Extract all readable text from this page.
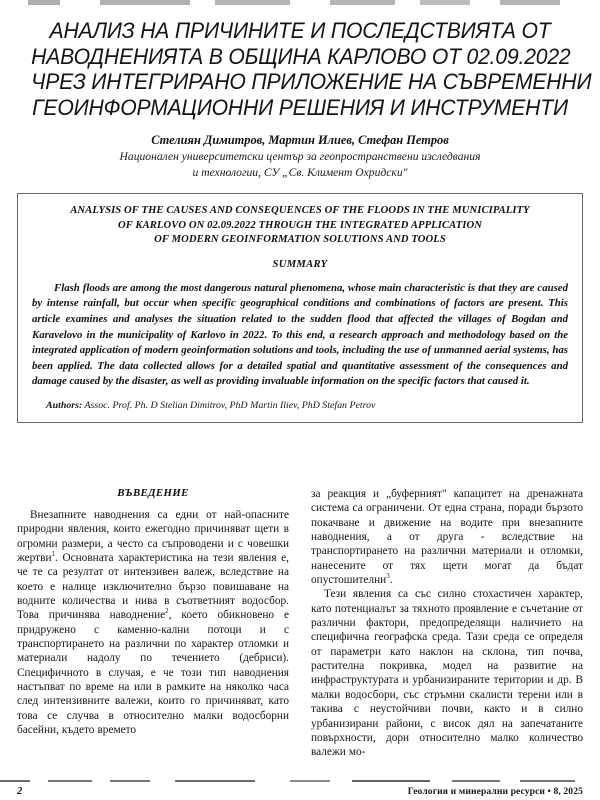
АНАЛИЗ НА ПРИЧИНИТЕ И ПОСЛЕДСТВИЯТА ОТ
НАВОДНЕНИЯТА В ОБЩИНА КАРЛОВО ОТ 02.09.2022
ЧРЕЗ ИНТЕГРИРАНО ПРИЛОЖЕНИЕ НА СЪВРЕМЕННИ
ГЕОИНФОРМАЦИОННИ РЕШЕНИЯ И ИНСТРУМЕНТИ
Стелиян Димитров, Мартин Илиев, Стефан Петров
Национален университетски център за геопространствени изследвания
и технологии, СУ „Св. Климент Охридски"
ANALYSIS OF THE CAUSES AND CONSEQUENCES OF THE FLOODS IN THE MUNICIPALITY
OF KARLOVO ON 02.09.2022 THROUGH THE INTEGRATED APPLICATION
OF MODERN GEOINFORMATION SOLUTIONS AND TOOLS
SUMMARY
Flash floods are among the most dangerous natural phenomena, whose main characteristic is that they are caused by intense rainfall, but occur when specific geographical conditions and combinations of factors are present. This article examines and analyses the situation related to the sudden flood that affected the villages of Bogdan and Karavelovo in the municipality of Karlovo in 2022. To this end, a research approach and methodology based on the integrated application of modern geoinformation solutions and tools, including the use of unmanned aerial systems, has been applied. The data collected allows for a detailed spatial and quantitative assessment of the consequences and damage caused by the disaster, as well as providing invaluable information on the specific factors that caused it.
Authors: Assoc. Prof. Ph. D Stelian Dimitrov, PhD Martin Iliev, PhD Stefan Petrov
ВЪВЕДЕНИЕ
Внезапните наводнения са едни от най-опасните природни явления, които ежегодно причиняват щети в огромни размери, а често са съпроводени и с човешки жертви$^1$. Основната характеристика на тези явления е, че те са резултат от интензивен валеж, вследствие на което е налице изключително бързо повишаване на водните количества и нива в съответният водосбор. Това причинява наводнение$^2$, което обикновено е придружено с каменно-кални потоци и с транспортирането на различни по характер отломки и материали надолу по течението (дебриси). Специфичното в случая, е че този тип наводнения настъпват по време на или в рамките на няколко часа след интензивните валежи, които го причиняват, като това се случва в относително малки водосборни басейни, където времето
за реакция и „буферният" капацитет на дренажната система са ограничени. От една страна, поради бързото покачване и движение на водите при внезапните наводнения, а от друга - вследствие на транспортирането на различни материали и отломки, нанесените от тях щети могат да бъдат опустошителни$^3$.
Тези явления са със силно стохастичен характер, като потенциалът за тяхното проявление е съчетание от различни фактори, предопределящи наличието на специфична географска среда. Тази среда се определя от параметри като наклон на склона, тип почва, растителна покривка, модел на развитие на инфраструктурата и урбанизираните територии и др. В малки водосбори, със стръмни скалисти терени или в такива с неустойчиви почви, както и в силно урбанизирани райони, с висок дял на запечатаните повърхности, дори относително малко количество валежи мо-
2	Геология и минерални ресурси • 8, 2025
